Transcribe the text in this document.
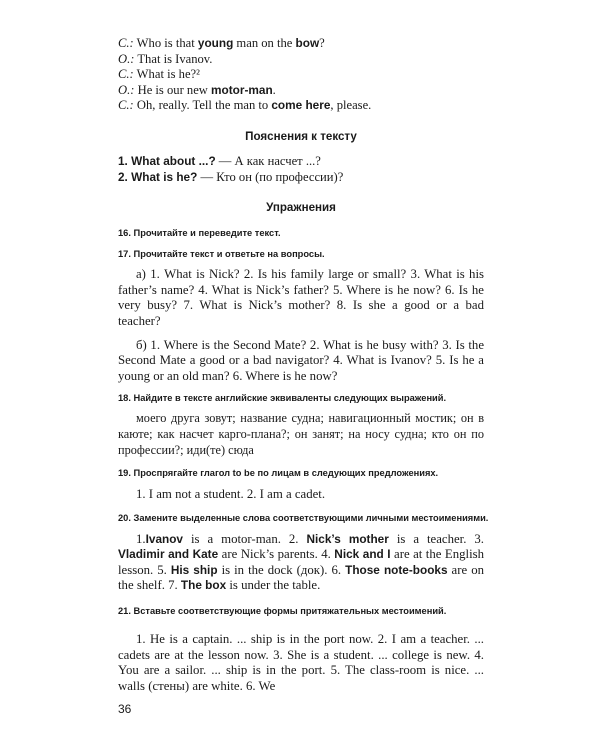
C.: Who is that young man on the bow?

O.: That is Ivanov.

C.: What is he?²

O.: He is our new motor-man.

C.: Oh, really. Tell the man to come here, please.

Пояснения к тексту
1. What about ...? — А как насчет ...?
2. What is he? — Кто он (по профессии)?
Упражнения

16. Прочитайте и переведите текст.

17. Прочитайте текст и ответьте на вопросы.

а) 1. What is Nick? 2. Is his family large or small? 3. What is his father’s name? 4. What is Nick’s father? 5. Where is he now? 6. Is he very busy? 7. What is Nick’s mother? 8. Is she a good or a bad teacher?

б) 1. Where is the Second Mate? 2. What is he busy with? 3. Is the Second Mate a good or a bad navigator? 4. What is Ivanov? 5. Is he a young or an old man? 6. Where is he now?

18. Найдите в тексте английские эквиваленты следующих выражений.

моего друга зовут; название судна; навигационный мостик; он в каюте; как насчет карго-плана?; он занят; на носу судна; кто он по профессии?; иди(те) сюда

19. Проспрягайте глагол to be по лицам в следующих предложениях.

1. I am not a student. 2. I am a cadet.

20. Замените выделенные слова соответствующими личными местоимениями.

1.Ivanov is a motor-man. 2. Nick’s mother is a teacher. 3. Vladimir and Kate are Nick’s parents. 4. Nick and I are at the English lesson. 5. His ship is in the dock (док). 6. Those note-books are on the shelf. 7. The box is under the table.

21. Вставьте соответствующие формы притяжательных местоимений.

1. He is a captain. ... ship is in the port now. 2. I am a teacher. ... cadets are at the lesson now. 3. She is a student. ... college is new. 4. You are a sailor. ... ship is in the port. 5. The class-room is nice. ... walls (стены) are white. 6. We

36
